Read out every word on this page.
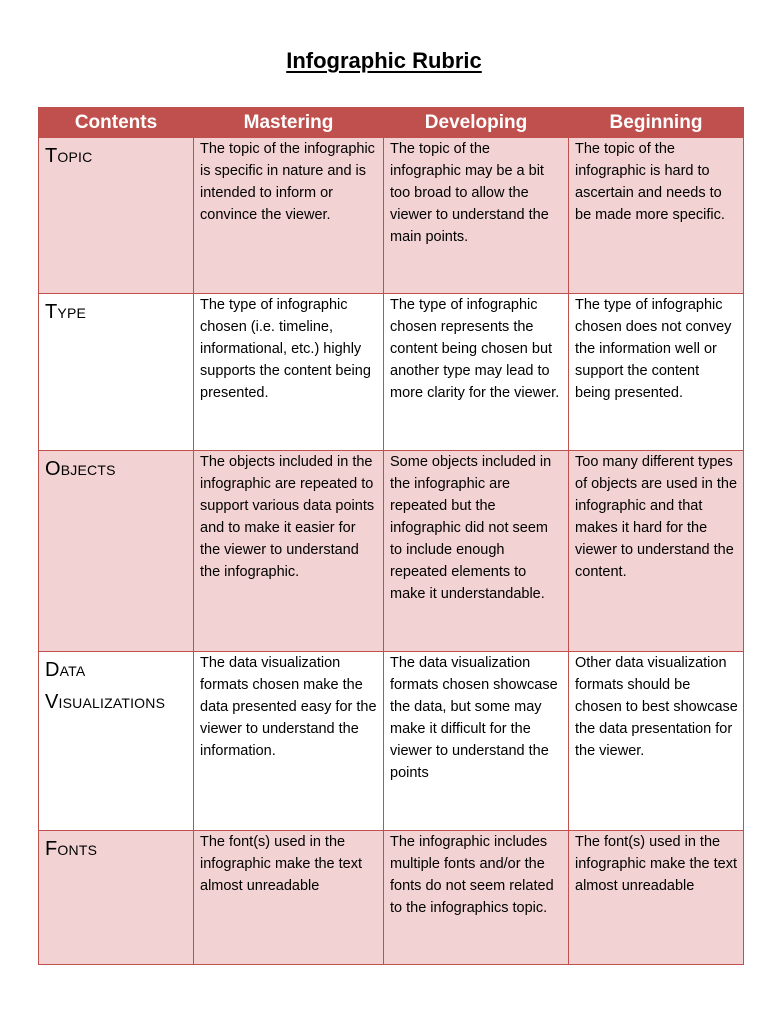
Infographic Rubric
Contents	Mastering	Developing	Beginning
Topic	The topic of the infographic is specific in nature and is intended to inform or convince the viewer.	The topic of the infographic may be a bit too broad to allow the viewer to understand the main points.	The topic of the infographic is hard to ascertain and needs to be made more specific.
Type	The type of infographic chosen (i.e. timeline, informational, etc.) highly supports the content being presented.	The type of infographic chosen represents the content being chosen but another type may lead to more clarity for the viewer.	The type of infographic chosen does not convey the information well or support the content being presented.
Objects	The objects included in the infographic are repeated to support various data points and to make it easier for the viewer to understand the infographic.	Some objects included in the infographic are repeated but the infographic did not seem to include enough repeated elements to make it understandable.	Too many different types of objects are used in the infographic and that makes it hard for the viewer to understand the content.
Data Visualizations	The data visualization formats chosen make the data presented easy for the viewer to understand the information.	The data visualization formats chosen showcase the data, but some may make it difficult for the viewer to understand the points	Other data visualization formats should be chosen to best showcase the data presentation for the viewer.
Fonts	The font(s) used in the infographic make the text almost unreadable	The infographic includes multiple fonts and/or the fonts do not seem related to the infographics topic.	The font(s) used in the infographic make the text almost unreadable
